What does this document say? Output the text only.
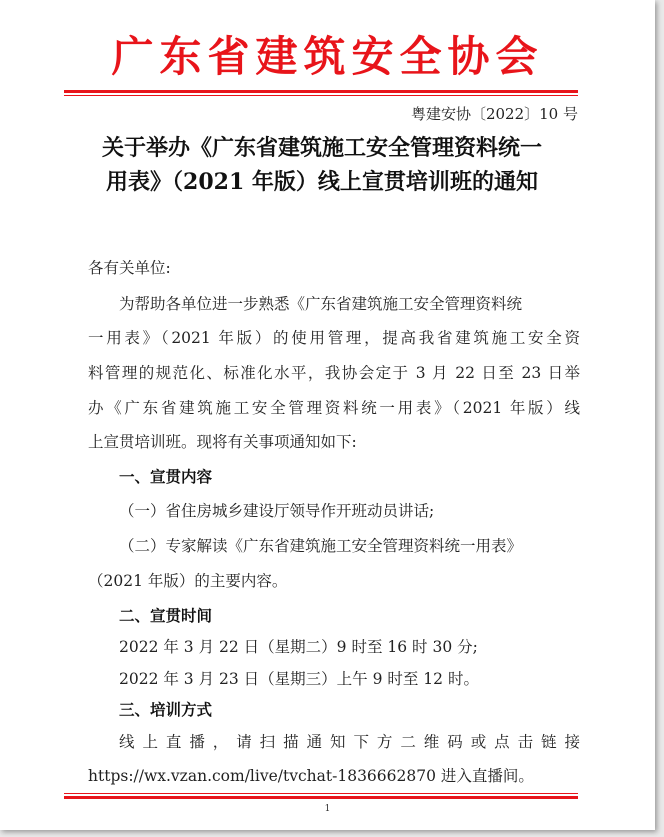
广东省建筑安全协会
粤建安协〔2022〕10 号
关于举办《广东省建筑施工安全管理资料统一
用表》（2021 年版）线上宣贯培训班的通知
各有关单位:
为帮助各单位进一步熟悉《广东省建筑施工安全管理资料统
一用表》（2021 年版）的使用管理，提高我省建筑施工安全资
料管理的规范化、标准化水平，我协会定于 3 月 22 日至 23 日举
办《广东省建筑施工安全管理资料统一用表》（2021 年版）线
上宣贯培训班。现将有关事项通知如下:
一、宣贯内容
（一）省住房城乡建设厅领导作开班动员讲话;
（二）专家解读《广东省建筑施工安全管理资料统一用表》
（2021 年版）的主要内容。
二、宣贯时间
2022 年 3 月 22 日（星期二）9 时至 16 时 30 分;
2022 年 3 月 23 日（星期三）上午 9 时至 12 时。
三、培训方式
线上直播，请扫描通知下方二维码或点击链接
https://wx.vzan.com/live/tvchat-1836662870 进入直播间。
1
